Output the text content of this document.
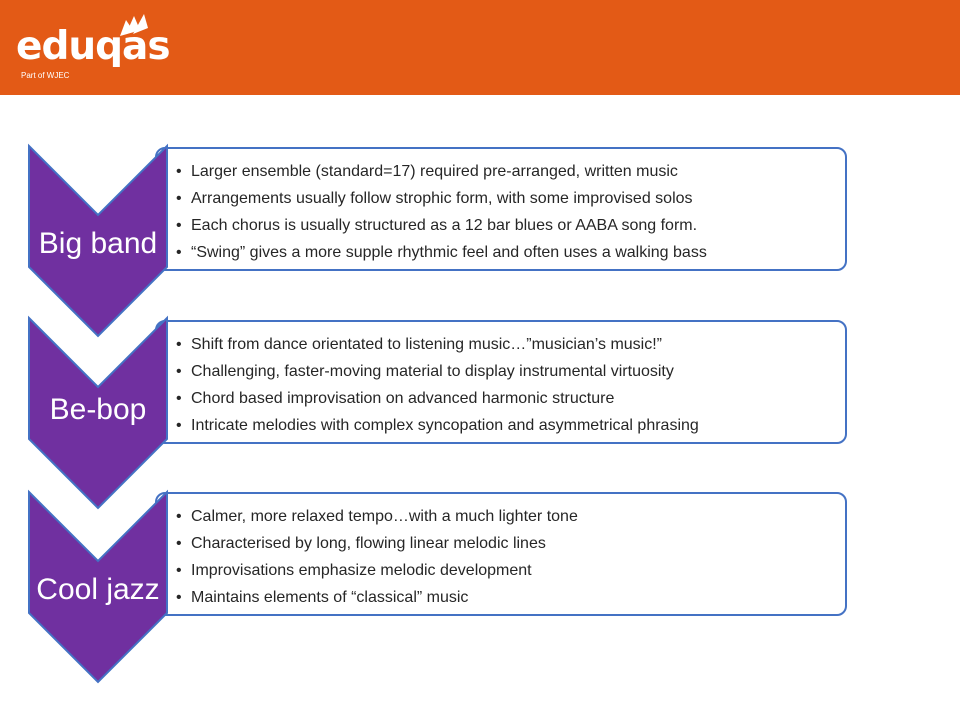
eduqas
Part of WJEC
• Larger ensemble (standard=17) required pre-arranged, written music
• Arrangements usually follow strophic form, with some improvised solos
• Each chorus is usually structured as a 12 bar blues or AABA song form.
• “Swing” gives a more supple rhythmic feel and often uses a walking bass
Big band
• Shift from dance orientated to listening music…”musician’s music!”
• Challenging, faster-moving material to display instrumental virtuosity
• Chord based improvisation on advanced harmonic structure
• Intricate melodies with complex syncopation and asymmetrical phrasing
Be-bop
• Calmer, more relaxed tempo…with a much lighter tone
• Characterised by long, flowing linear melodic lines
• Improvisations emphasize melodic development
• Maintains elements of “classical” music
Cool jazz
